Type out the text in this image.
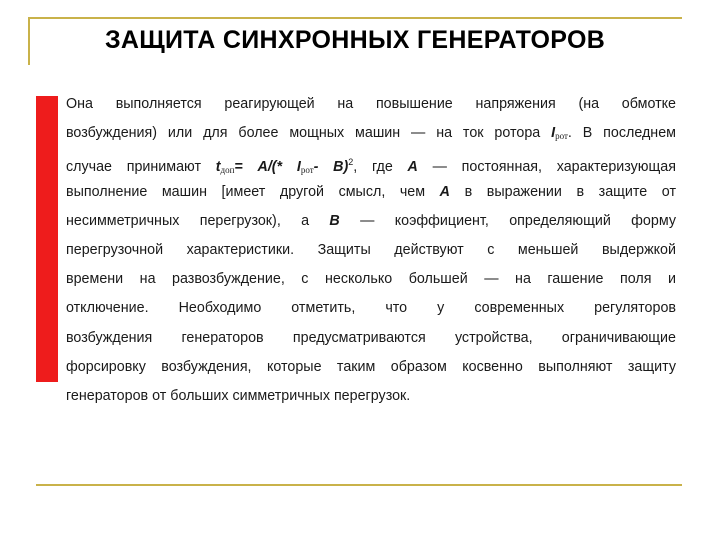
ЗАЩИТА СИНХРОННЫХ ГЕНЕРАТОРОВ
Она выполняется реагирующей на повышение напряжения (на обмотке
возбуждения) или для более мощных машин — на ток ротора $I_{рот}$. В последнем
случае принимают $t_{доп}= A/(*$ $I_{рот}-$ B)$^2$, где A — постоянная, характеризующая
выполнение машин [имеет другой смысл, чем A в выражении в защите от
несимметричных перегрузок), а B — коэффициент, определяющий форму
перегрузочной характеристики. Защиты действуют с меньшей выдержкой
времени на развозбуждение, с несколько большей — на гашение поля и
отключение. Необходимо отметить, что у современных регуляторов
возбуждения генераторов предусматриваются устройства, ограничивающие
форсировку возбуждения, которые таким образом косвенно выполняют защиту
генераторов от больших симметричных перегрузок.
